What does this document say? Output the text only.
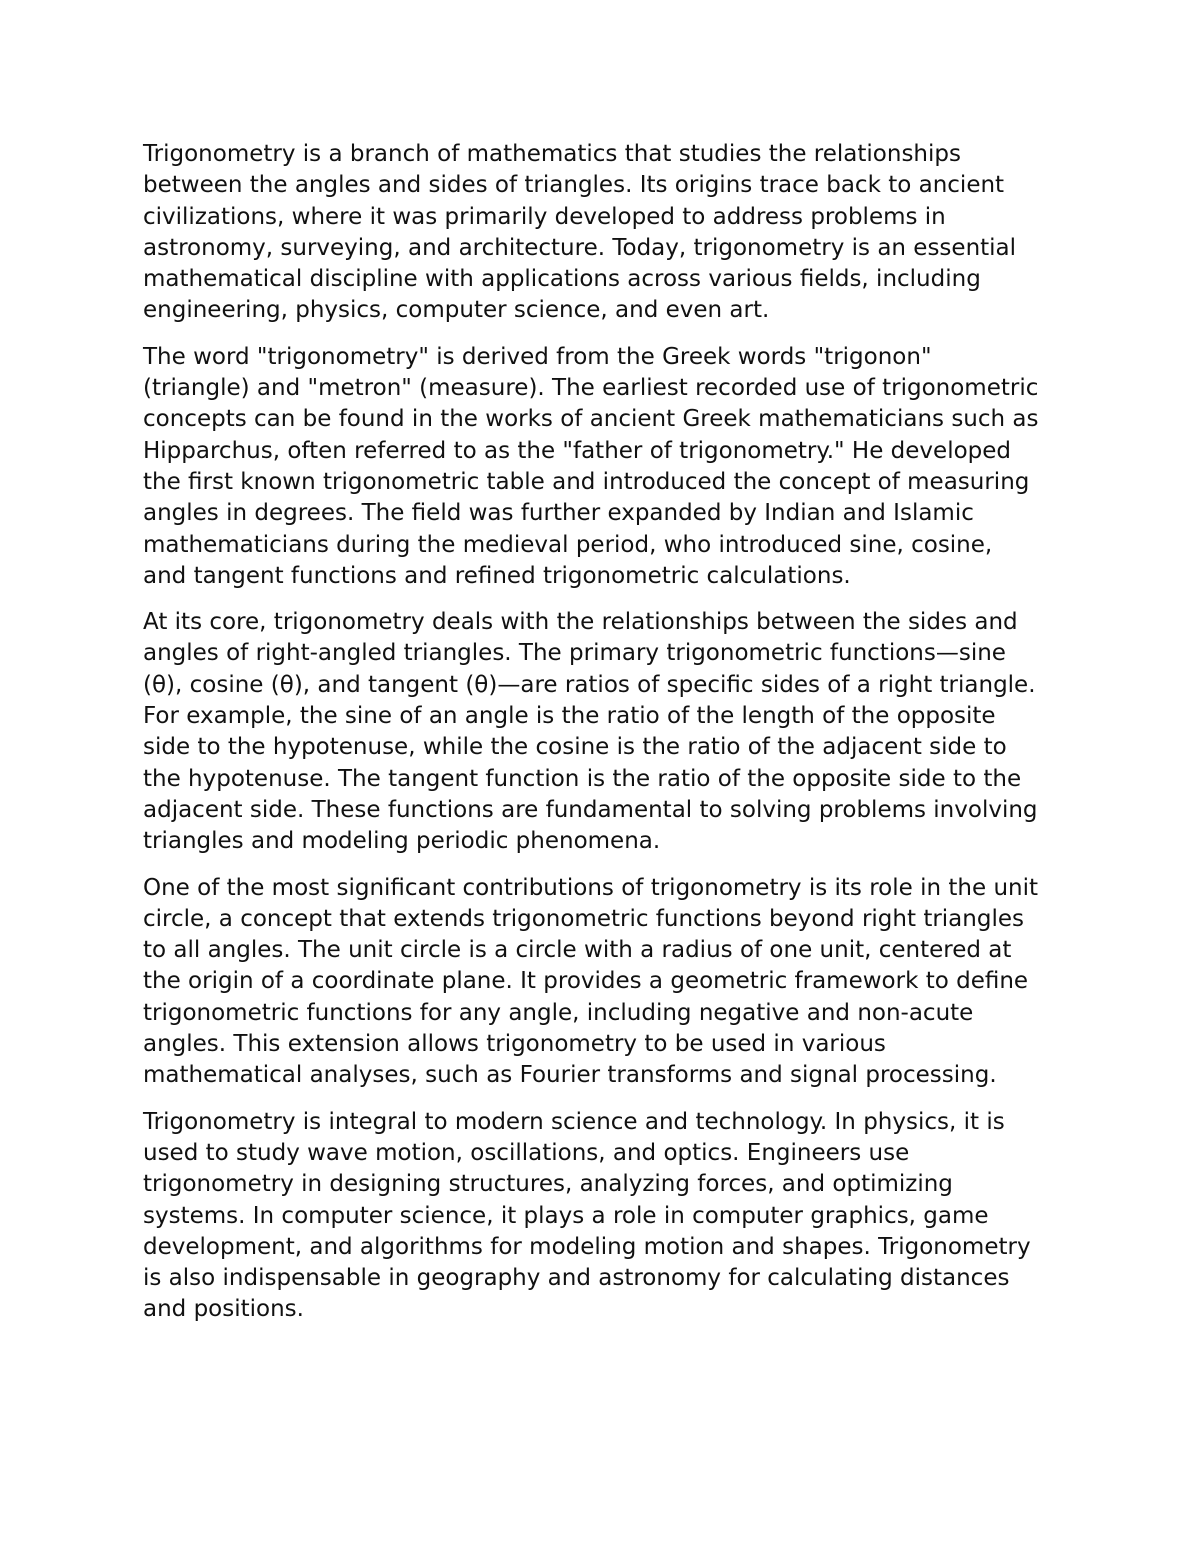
Trigonometry is a branch of mathematics that studies the relationships
between the angles and sides of triangles. Its origins trace back to ancient
civilizations, where it was primarily developed to address problems in
astronomy, surveying, and architecture. Today, trigonometry is an essential
mathematical discipline with applications across various fields, including
engineering, physics, computer science, and even art.

The word "trigonometry" is derived from the Greek words "trigonon"
(triangle) and "metron" (measure). The earliest recorded use of trigonometric
concepts can be found in the works of ancient Greek mathematicians such as
Hipparchus, often referred to as the "father of trigonometry." He developed
the first known trigonometric table and introduced the concept of measuring
angles in degrees. The field was further expanded by Indian and Islamic
mathematicians during the medieval period, who introduced sine, cosine,
and tangent functions and refined trigonometric calculations.

At its core, trigonometry deals with the relationships between the sides and
angles of right-angled triangles. The primary trigonometric functions—sine
(θ), cosine (θ), and tangent (θ)—are ratios of specific sides of a right triangle.
For example, the sine of an angle is the ratio of the length of the opposite
side to the hypotenuse, while the cosine is the ratio of the adjacent side to
the hypotenuse. The tangent function is the ratio of the opposite side to the
adjacent side. These functions are fundamental to solving problems involving
triangles and modeling periodic phenomena.

One of the most significant contributions of trigonometry is its role in the unit
circle, a concept that extends trigonometric functions beyond right triangles
to all angles. The unit circle is a circle with a radius of one unit, centered at
the origin of a coordinate plane. It provides a geometric framework to define
trigonometric functions for any angle, including negative and non-acute
angles. This extension allows trigonometry to be used in various
mathematical analyses, such as Fourier transforms and signal processing.

Trigonometry is integral to modern science and technology. In physics, it is
used to study wave motion, oscillations, and optics. Engineers use
trigonometry in designing structures, analyzing forces, and optimizing
systems. In computer science, it plays a role in computer graphics, game
development, and algorithms for modeling motion and shapes. Trigonometry
is also indispensable in geography and astronomy for calculating distances
and positions.
